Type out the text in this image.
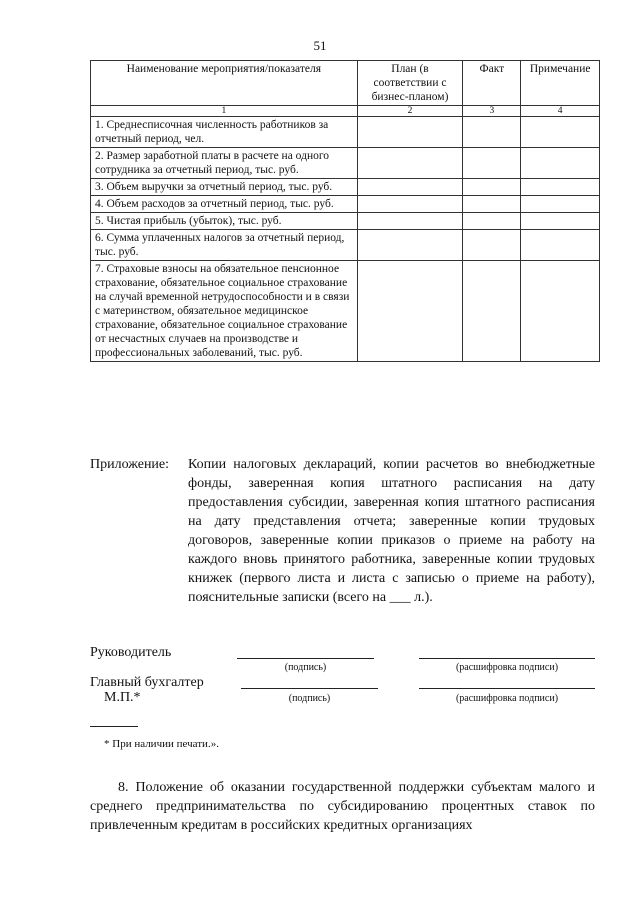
51
Наименование мероприятия/показателя	План (в соответствии с бизнес-планом)	Факт	Примечание
1	2	3	4
1. Среднесписочная численность работников за отчетный период, чел.			
2. Размер заработной платы в расчете на одного сотрудника за отчетный период, тыс. руб.			
3. Объем выручки за отчетный период, тыс. руб.			
4. Объем расходов за отчетный период, тыс. руб.			
5. Чистая прибыль (убыток), тыс. руб.			
6. Сумма уплаченных налогов за отчетный период, тыс. руб.			
7. Страховые взносы на обязательное пенсионное страхование, обязательное социальное страхование на случай временной нетрудоспособности и в связи с материнством, обязательное медицинское страхование, обязательное социальное страхование от несчастных случаев на производстве и профессиональных заболеваний, тыс. руб.			
Приложение:	Копии налоговых деклараций, копии расчетов во внебюджетные фонды, заверенная копия штатного расписания на дату предоставления субсидии, заверенная копия штатного расписания на дату представления отчета; заверенные копии трудовых договоров, заверенные копии приказов о приеме на работу на каждого вновь принятого работника, заверенные копии трудовых книжек (первого листа и листа с записью о приеме на работу), пояснительные записки (всего на ___ л.).
Руководитель
(подпись)	(расшифровка подписи)
Главный бухгалтер
М.П.*	(подпись)	(расшифровка подписи)
* При наличии печати.».
8. Положение об оказании государственной поддержки субъектам малого и среднего предпринимательства по субсидированию процентных ставок по привлеченным кредитам в российских кредитных организациях
